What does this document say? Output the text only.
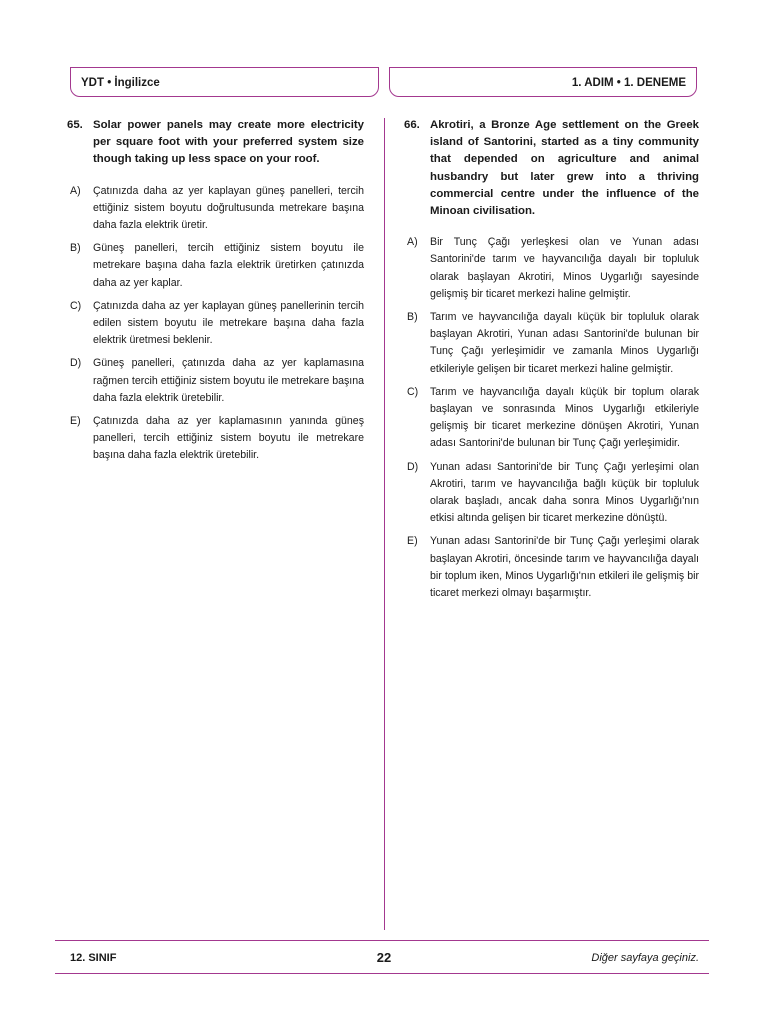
YDT • İngilizce	1. ADIM • 1. DENEME
65. Solar power panels may create more electricity per square foot with your preferred system size though taking up less space on your roof.
A)	Çatınızda daha az yer kaplayan güneş panelleri, tercih ettiğiniz sistem boyutu doğrultusunda metrekare başına daha fazla elektrik üretir.
B)	Güneş panelleri, tercih ettiğiniz sistem boyutu ile metrekare başına daha fazla elektrik üretirken çatınızda daha az yer kaplar.
C)	Çatınızda daha az yer kaplayan güneş panellerinin tercih edilen sistem boyutu ile metrekare başına daha fazla elektrik üretmesi beklenir.
D)	Güneş panelleri, çatınızda daha az yer kaplamasına rağmen tercih ettiğiniz sistem boyutu ile metrekare başına daha fazla elektrik üretebilir.
E)	Çatınızda daha az yer kaplamasının yanında güneş panelleri, tercih ettiğiniz sistem boyutu ile metrekare başına daha fazla elektrik üretebilir.
66. Akrotiri, a Bronze Age settlement on the Greek island of Santorini, started as a tiny community that depended on agriculture and animal husbandry but later grew into a thriving commercial centre under the influence of the Minoan civilisation.
A)	Bir Tunç Çağı yerleşkesi olan ve Yunan adası Santorini'de tarım ve hayvancılığa dayalı bir topluluk olarak başlayan Akrotiri, Minos Uygarlığı sayesinde gelişmiş bir ticaret merkezi haline gelmiştir.
B)	Tarım ve hayvancılığa dayalı küçük bir topluluk olarak başlayan Akrotiri, Yunan adası Santorini'de bulunan bir Tunç Çağı yerleşimidir ve zamanla Minos Uygarlığı etkileriyle gelişen bir ticaret merkezi haline gelmiştir.
C)	Tarım ve hayvancılığa dayalı küçük bir toplum olarak başlayan ve sonrasında Minos Uygarlığı etkileriyle gelişmiş bir ticaret merkezine dönüşen Akrotiri, Yunan adası Santorini'de bulunan bir Tunç Çağı yerleşimidir.
D)	Yunan adası Santorini'de bir Tunç Çağı yerleşimi olan Akrotiri, tarım ve hayvancılığa bağlı küçük bir topluluk olarak başladı, ancak daha sonra Minos Uygarlığı'nın etkisi altında gelişen bir ticaret merkezine dönüştü.
E)	Yunan adası Santorini'de bir Tunç Çağı yerleşimi olarak başlayan Akrotiri, öncesinde tarım ve hayvancılığa dayalı bir toplum iken, Minos Uygarlığı'nın etkileri ile gelişmiş bir ticaret merkezi olmayı başarmıştır.
12. SINIF	22	Diğer sayfaya geçiniz.
